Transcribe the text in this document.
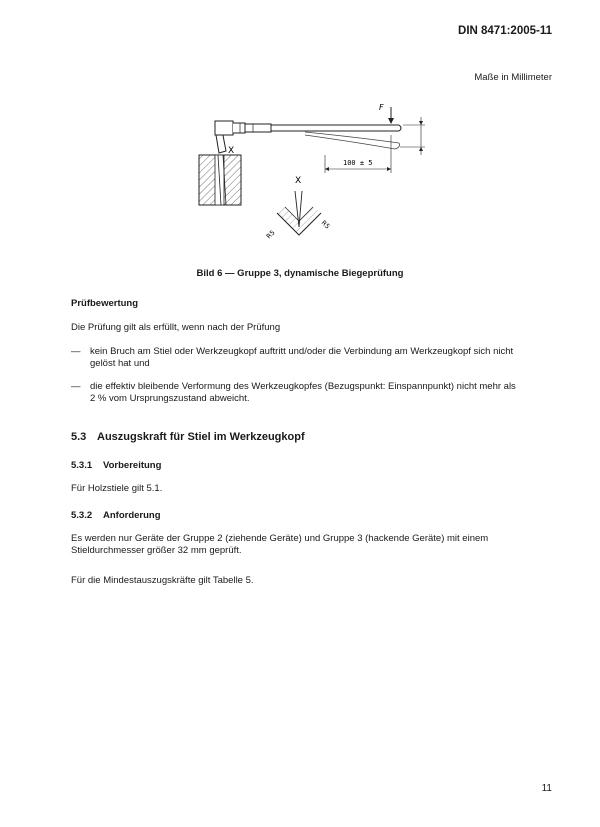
DIN 8471:2005-11
Maße in Millimeter
F
100 ± 5
X
X
R5
R5
Bild 6 — Gruppe 3, dynamische Biegeprüfung
Prüfbewertung
Die Prüfung gilt als erfüllt, wenn nach der Prüfung
— kein Bruch am Stiel oder Werkzeugkopf auftritt und/oder die Verbindung am Werkzeugkopf sich nicht
gelöst hat und
— die effektiv bleibende Verformung des Werkzeugkopfes (Bezugspunkt: Einspannpunkt) nicht mehr als
2 % vom Ursprungszustand abweicht.
5.3 Auszugskraft für Stiel im Werkzeugkopf
5.3.1 Vorbereitung
Für Holzstiele gilt 5.1.
5.3.2 Anforderung
Es werden nur Geräte der Gruppe 2 (ziehende Geräte) und Gruppe 3 (hackende Geräte) mit einem
Stieldurchmesser größer 32 mm geprüft.
Für die Mindestauszugskräfte gilt Tabelle 5.
11
